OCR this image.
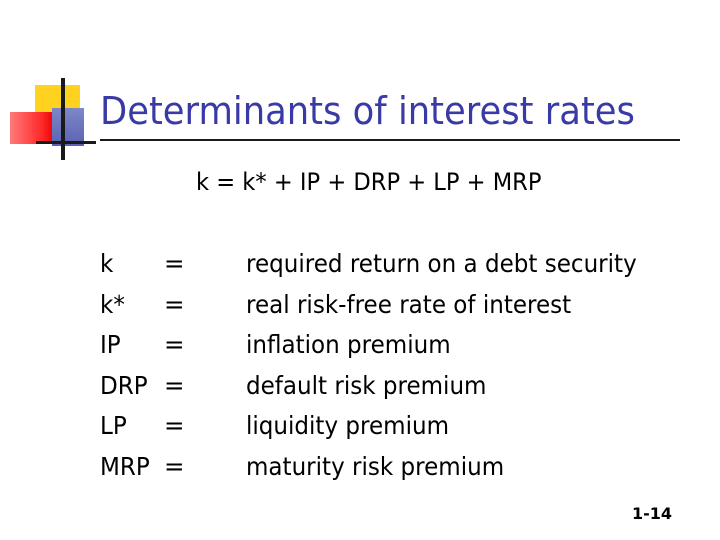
Determinants of interest rates
k = k* + IP + DRP + LP + MRP
k =	required return on a debt security
k* =	real risk-free rate of interest
IP =	inflation premium
DRP =	default risk premium
LP =	liquidity premium
MRP =	maturity risk premium
1-14
